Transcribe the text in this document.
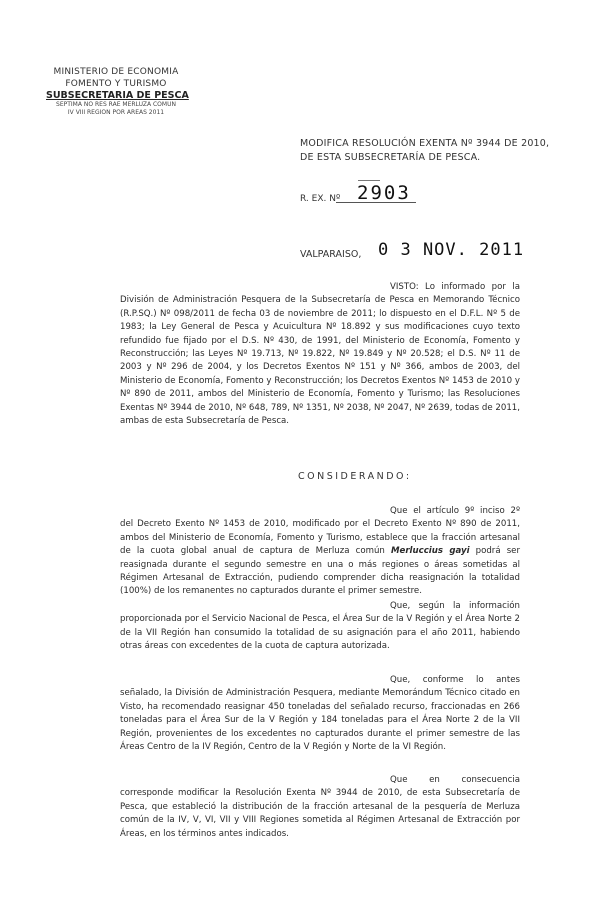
MINISTERIO DE ECONOMIA
FOMENTO Y TURISMO
SUBSECRETARIA DE PESCA
SEPTIMA NO RES RAE MERLUZA COMUN
IV VIII REGION POR AREAS 2011
MODIFICA RESOLUCIÓN EXENTA Nº 3944 DE 2010,
DE ESTA SUBSECRETARÍA DE PESCA.
R. EX. Nº 2903
VALPARAISO, 0 3 NOV. 2011

VISTO: Lo informado por la División de Administración Pesquera de la Subsecretaría de Pesca en Memorando Técnico (R.P.SQ.) Nº 098/2011 de fecha 03 de noviembre de 2011; lo dispuesto en el D.F.L. Nº 5 de 1983; la Ley General de Pesca y Acuicultura Nº 18.892 y sus modificaciones cuyo texto refundido fue fijado por el D.S. Nº 430, de 1991, del Ministerio de Economía, Fomento y Reconstrucción; las Leyes Nº 19.713, Nº 19.822, Nº 19.849 y Nº 20.528; el D.S. Nº 11 de 2003 y Nº 296 de 2004, y los Decretos Exentos Nº 151 y Nº 366, ambos de 2003, del Ministerio de Economía, Fomento y Reconstrucción; los Decretos Exentos Nº 1453 de 2010 y Nº 890 de 2011, ambos del Ministerio de Economía, Fomento y Turismo; las Resoluciones Exentas Nº 3944 de 2010, Nº 648, 789, Nº 1351, Nº 2038, Nº 2047, Nº 2639, todas de 2011, ambas de esta Subsecretaría de Pesca.

CONSIDERANDO:

Que el artículo 9º inciso 2º del Decreto Exento Nº 1453 de 2010, modificado por el Decreto Exento Nº 890 de 2011, ambos del Ministerio de Economía, Fomento y Turismo, establece que la fracción artesanal de la cuota global anual de captura de Merluza común Merluccius gayi podrá ser reasignada durante el segundo semestre en una o más regiones o áreas sometidas al Régimen Artesanal de Extracción, pudiendo comprender dicha reasignación la totalidad (100%) de los remanentes no capturados durante el primer semestre.

Que, según la información proporcionada por el Servicio Nacional de Pesca, el Área Sur de la V Región y el Área Norte 2 de la VII Región han consumido la totalidad de su asignación para el año 2011, habiendo otras áreas con excedentes de la cuota de captura autorizada.

Que, conforme lo antes señalado, la División de Administración Pesquera, mediante Memorándum Técnico citado en Visto, ha recomendado reasignar 450 toneladas del señalado recurso, fraccionadas en 266 toneladas para el Área Sur de la V Región y 184 toneladas para el Área Norte 2 de la VII Región, provenientes de los excedentes no capturados durante el primer semestre de las Áreas Centro de la IV Región, Centro de la V Región y Norte de la VI Región.

Que en consecuencia corresponde modificar la Resolución Exenta Nº 3944 de 2010, de esta Subsecretaría de Pesca, que estableció la distribución de la fracción artesanal de la pesquería de Merluza común de la IV, V, VI, VII y VIII Regiones sometida al Régimen Artesanal de Extracción por Áreas, en los términos antes indicados.
